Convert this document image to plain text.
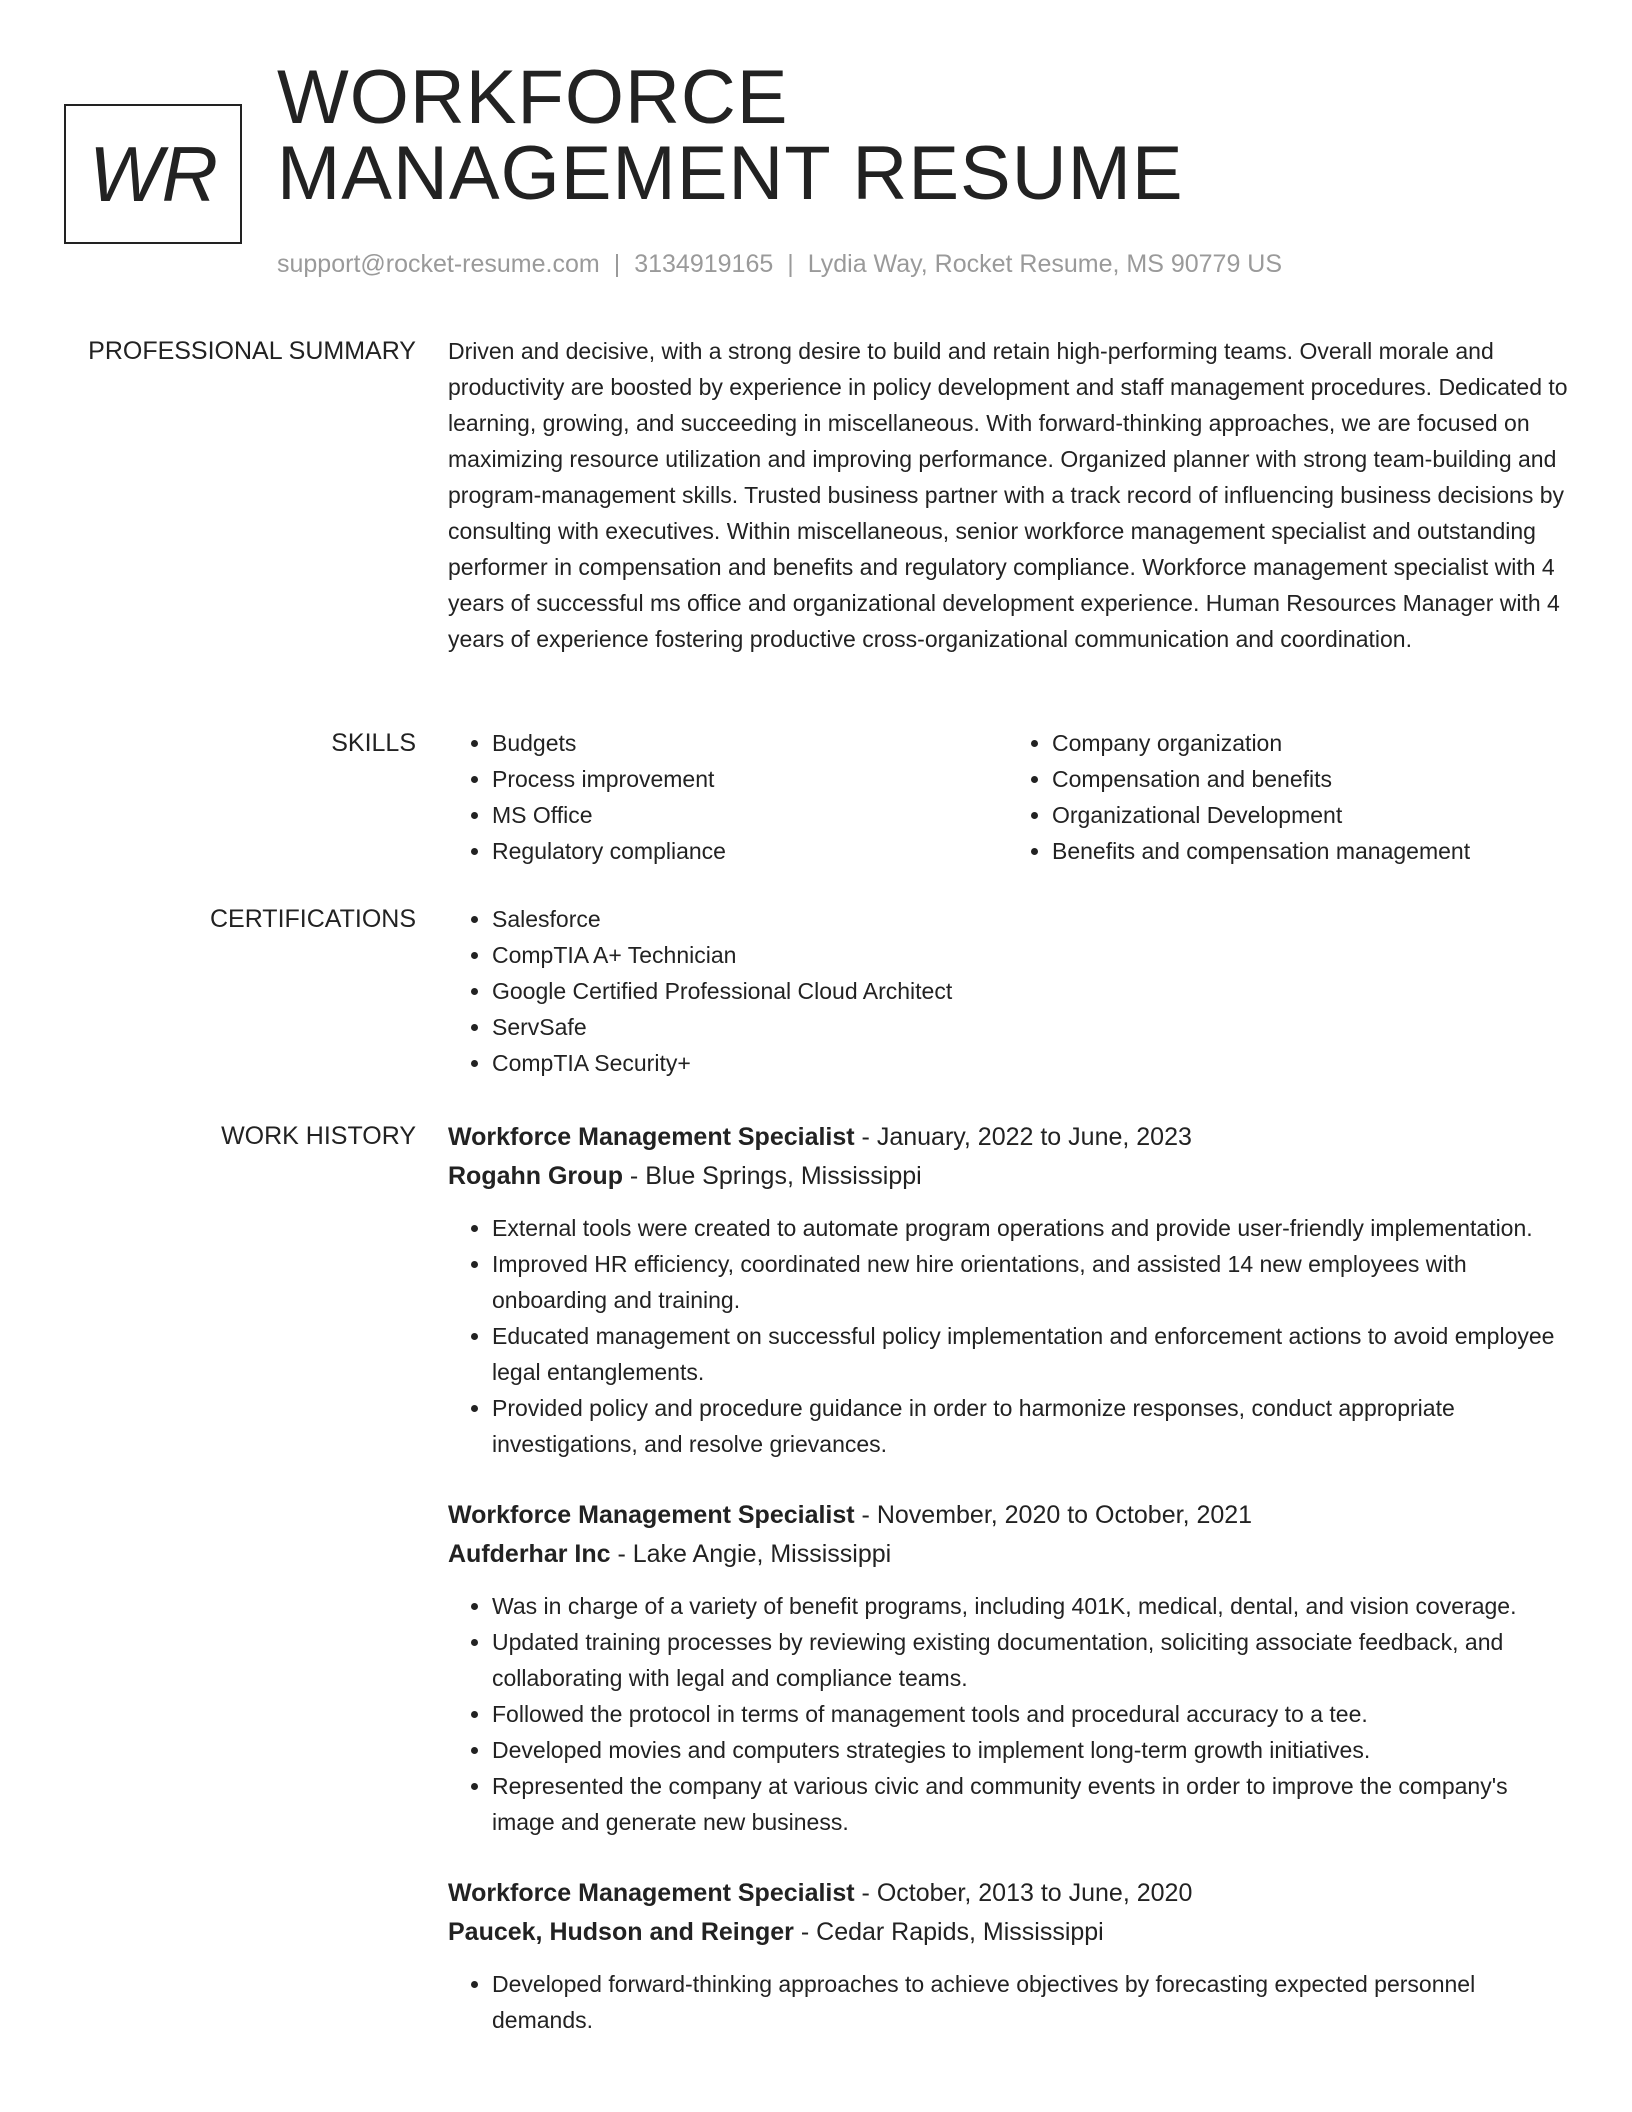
WR
WORKFORCE
MANAGEMENT RESUME
support@rocket-resume.com | 3134919165 | Lydia Way, Rocket Resume, MS 90779 US
PROFESSIONAL SUMMARY Driven and decisive, with a strong desire to build and retain high-performing teams. Overall morale and productivity are boosted by experience in policy development and staff management procedures. Dedicated to learning, growing, and succeeding in miscellaneous. With forward-thinking approaches, we are focused on maximizing resource utilization and improving performance. Organized planner with strong team-building and program-management skills. Trusted business partner with a track record of influencing business decisions by consulting with executives. Within miscellaneous, senior workforce management specialist and outstanding performer in compensation and benefits and regulatory compliance. Workforce management specialist with 4 years of successful ms office and organizational development experience. Human Resources Manager with 4 years of experience fostering productive cross-organizational communication and coordination.

SKILLS	• Budgets
• Process improvement
• MS Office
• Regulatory compliance
• Company organization
• Compensation and benefits
• Organizational Development
• Benefits and compensation management
CERTIFICATIONS	• Salesforce
• CompTIA A+ Technician
• Google Certified Professional Cloud Architect
• ServSafe
• CompTIA Security+
WORK HISTORY Workforce Management Specialist - January, 2022 to June, 2023
Rogahn Group - Blue Springs, Mississippi
• External tools were created to automate program operations and provide user-friendly implementation.
• Improved HR efficiency, coordinated new hire orientations, and assisted 14 new employees with onboarding and training.
• Educated management on successful policy implementation and enforcement actions to avoid employee legal entanglements.
• Provided policy and procedure guidance in order to harmonize responses, conduct appropriate investigations, and resolve grievances.
Workforce Management Specialist - November, 2020 to October, 2021
Aufderhar Inc - Lake Angie, Mississippi
• Was in charge of a variety of benefit programs, including 401K, medical, dental, and vision coverage.
• Updated training processes by reviewing existing documentation, soliciting associate feedback, and collaborating with legal and compliance teams.
• Followed the protocol in terms of management tools and procedural accuracy to a tee.
• Developed movies and computers strategies to implement long-term growth initiatives.
• Represented the company at various civic and community events in order to improve the company's image and generate new business.
Workforce Management Specialist - October, 2013 to June, 2020
Paucek, Hudson and Reinger - Cedar Rapids, Mississippi
• Developed forward-thinking approaches to achieve objectives by forecasting expected personnel demands.
